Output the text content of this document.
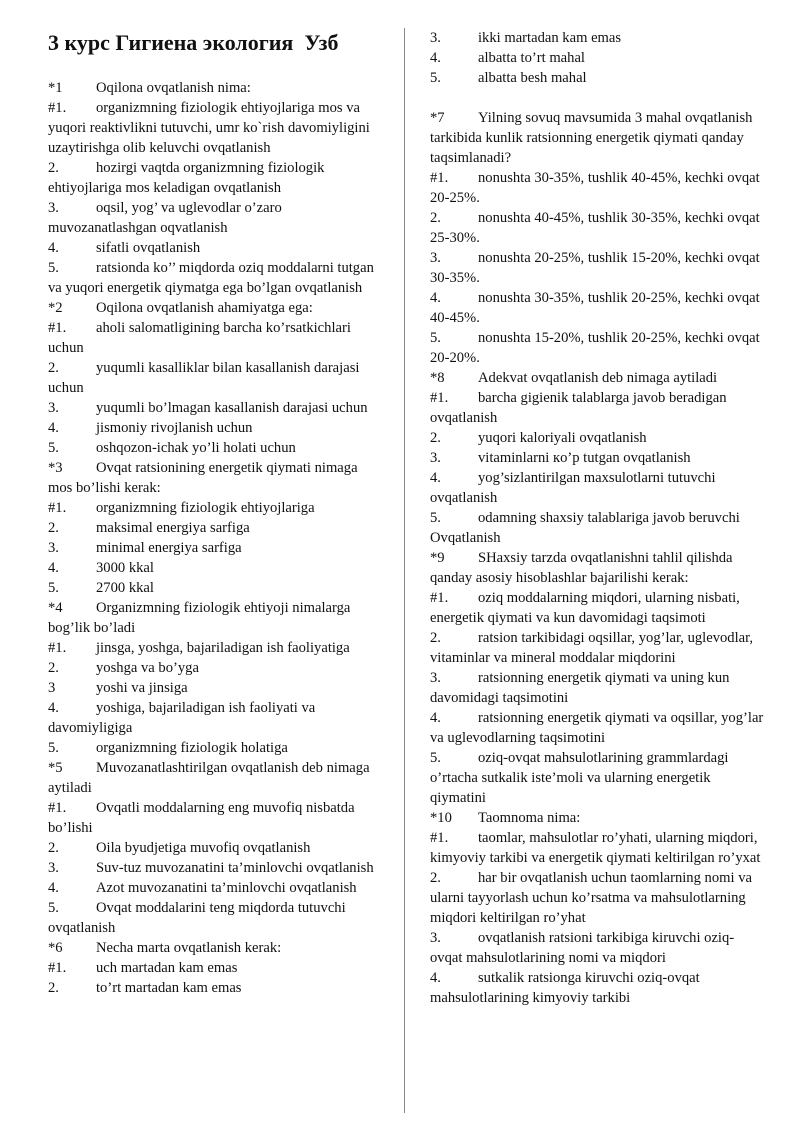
3 курс Гигиена экология  Узб
*1 Oqilona ovqatlanish nima:
#1. organizmning fiziologik ehtiyojlariga mos va yuqori reaktivlikni tutuvchi, umr ko`rish davomiyligini uzaytirishga olib keluvchi ovqatlanish
2.	hozirgi vaqtda organizmning fiziologik ehtiyojlariga mos keladigan ovqatlanish
3.	oqsil, yog’ va uglevodlar o’zaro muvozanatlashgan oqvatlanish
4.	sifatli ovqatlanish
5.	ratsionda ko’’ miqdorda oziq moddalarni tutgan va yuqori energetik qiymatga ega bo’lgan ovqatlanish
*2 Oqilona ovqatlanish ahamiyatga ega:
#1. aholi salomatligining barcha ko’rsatkichlari uchun
2.	yuqumli kasalliklar bilan kasallanish darajasi uchun
3.	yuqumli bo’lmagan kasallanish darajasi uchun
4.	jismoniy rivojlanish uchun
5.	oshqozon-ichak yo’li holati uchun
*3 Ovqat ratsionining energetik qiymati nimaga mos bo’lishi kerak:
#1. organizmning fiziologik ehtiyojlariga
2.	maksimal energiya sarfiga
3.	minimal energiya sarfiga
4.	3000 kkal
5.	2700 kkal
*4 Organizmning fiziologik ehtiyoji nimalarga bog’lik bo’ladi
#1. jinsga, yoshga, bajariladigan ish faoliyatiga
2.	yoshga va bo’yga
3	yoshi va jinsiga
4.	yoshiga, bajariladigan ish faoliyati va davomiyligiga
5.	organizmning fiziologik holatiga
*5 Muvozanatlashtirilgan ovqatlanish deb nimaga aytiladi
#1. Ovqatli moddalarning eng muvofiq nisbatda bo’lishi
2.	Oila byudjetiga muvofiq ovqatlanish
3.	Suv-tuz muvozanatini ta’minlovchi ovqatlanish
4.	Azot muvozanatini ta’minlovchi ovqatlanish
5.	Ovqat moddalarini teng miqdorda tutuvchi ovqatlanish
*6 Necha marta ovqatlanish kerak:
#1. uch martadan kam emas
2.	to’rt martadan kam emas
3.	ikki martadan kam emas
4.	albatta to’rt mahal
5.	albatta besh mahal
*7 Yilning sovuq mavsumida 3 mahal ovqatlanish tarkibida kunlik ratsionning energetik qiymati qanday taqsimlanadi?
#1. nonushta 30-35%, tushlik 40-45%, kechki ovqat 20-25%.
2.	nonushta 40-45%, tushlik 30-35%, kechki ovqat 25-30%.
3.	nonushta 20-25%, tushlik 15-20%, kechki ovqat 30-35%.
4.	nonushta 30-35%, tushlik 20-25%, kechki ovqat 40-45%.
5.	nonushta 15-20%, tushlik 20-25%, kechki ovqat 20-20%.
*8 Adekvat ovqatlanish deb nimaga aytiladi
#1. barcha gigienik talablarga javob beradigan ovqatlanish
2.	yuqori kaloriyali ovqatlanish
3.	vitaminlarni кo’p tutgan ovqatlanish
4.	yog’sizlantirilgan maxsulotlarni tutuvchi ovqatlanish
5.	odamning shaxsiy talablariga javob beruvchi Ovqatlanish
*9 SHaxsiy tarzda ovqatlanishni tahlil qilishda qanday asosiy hisoblashlar bajarilishi kerak:
#1. oziq moddalarning miqdori, ularning nisbati, energetik qiymati va kun davomidagi taqsimoti
2.	ratsion tarkibidagi oqsillar, yog’lar, uglevodlar, vitaminlar va mineral moddalar miqdorini
3.	ratsionning energetik qiymati va uning kun davomidagi taqsimotini
4.	ratsionning energetik qiymati va oqsillar, yog’lar va uglevodlarning taqsimotini
5.	oziq-ovqat mahsulotlarining grammlardagi o’rtacha sutkalik iste’moli va ularning energetik qiymatini
*10 Taomnoma nima:
#1. taomlar, mahsulotlar ro’yhati, ularning miqdori, kimyoviy tarkibi va energetik qiymati keltirilgan ro’yxat
2.	har bir ovqatlanish uchun taomlarning nomi va ularni tayyorlash uchun ko’rsatma va mahsulotlarning miqdori keltirilgan ro’yhat
3.	ovqatlanish ratsioni tarkibiga kiruvchi oziq-ovqat mahsulotlarining nomi va miqdori
4.	sutkalik ratsionga kiruvchi oziq-ovqat mahsulotlarining kimyoviy tarkibi
